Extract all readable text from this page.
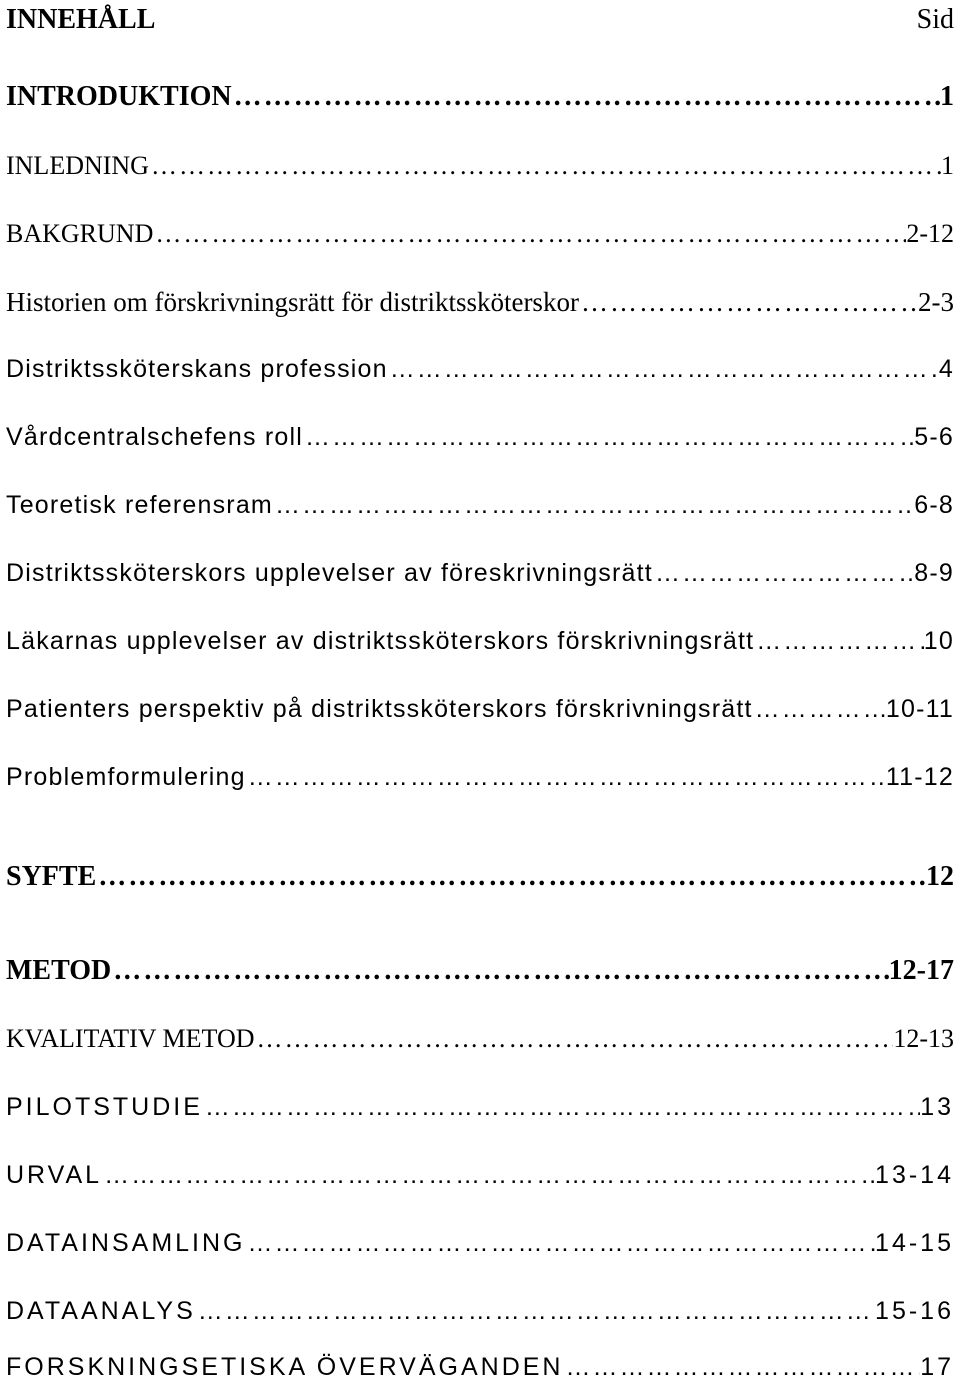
INNEHÅLL	Sid
INTRODUKTION ………………………………………………………………………………………………………………………………………………………………	1
INLEDNING ………………………………………………………………………………………………………………………………………………………………	1
BAKGRUND ………………………………………………………………………………………………………………………………………………………………	2-12
Historien om förskrivningsrätt för distriktssköterskor ………………………………………………………………………………………………………………………………………………………………	2-3
Distriktssköterskans profession ………………………………………………………………………………………………………………………………………………………………	4
Vårdcentralschefens roll ………………………………………………………………………………………………………………………………………………………………	5-6
Teoretisk referensram ………………………………………………………………………………………………………………………………………………………………	6-8
Distriktssköterskors upplevelser av föreskrivningsrätt ………………………………………………………………………………………………………………………………………………………………	8-9
Läkarnas upplevelser av distriktssköterskors förskrivningsrätt ………………………………………………………………………………………………………………………………………………………………	10
Patienters perspektiv på distriktssköterskors förskrivningsrätt ………………………………………………………………………………………………………………………………………………………………	10-11
Problemformulering ………………………………………………………………………………………………………………………………………………………………	11-12
SYFTE ………………………………………………………………………………………………………………………………………………………………	12
METOD ………………………………………………………………………………………………………………………………………………………………	12-17
KVALITATIV METOD ………………………………………………………………………………………………………………………………………………………………	12-13
PILOTSTUDIE ………………………………………………………………………………………………………………………………………………………………	13
URVAL ………………………………………………………………………………………………………………………………………………………………	13-14
DATAINSAMLING ………………………………………………………………………………………………………………………………………………………………	14-15
DATAANALYS ………………………………………………………………………………………………………………………………………………………………	15-16
FORSKNINGSETISKA ÖVERVÄGANDEN ………………………………………………………………………………………………………………………………………………………………	17
